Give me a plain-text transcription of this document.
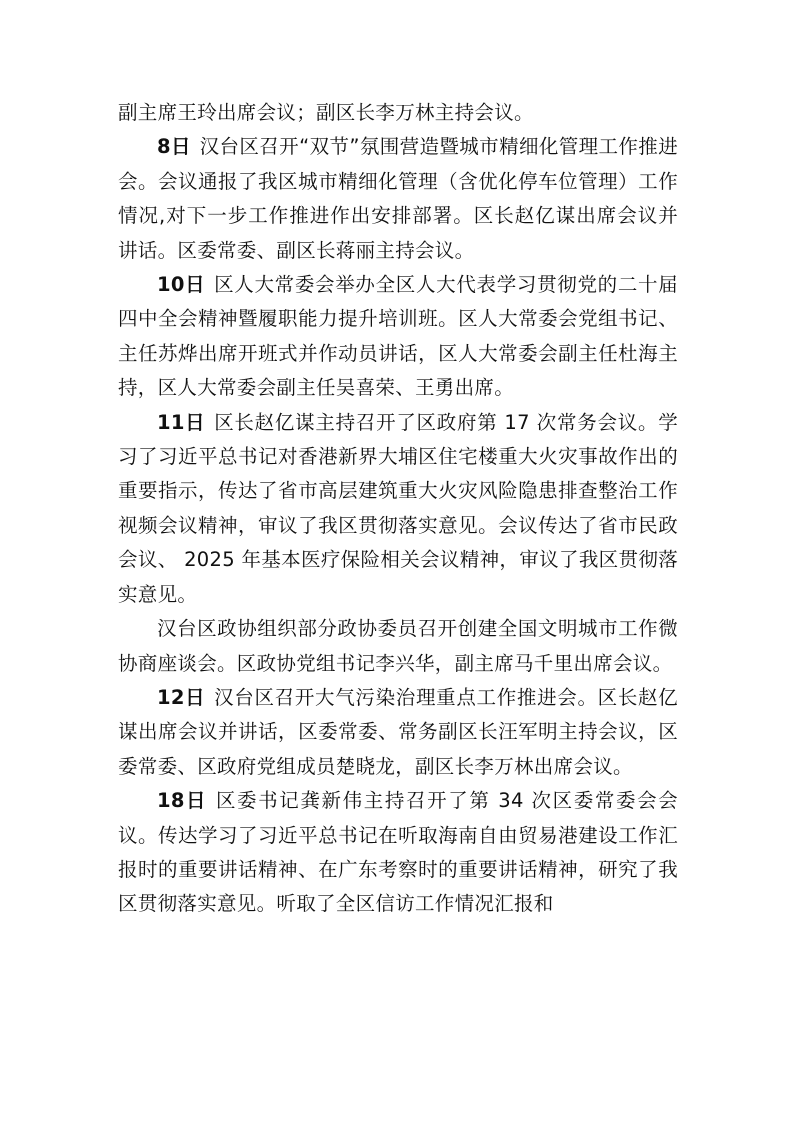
副主席王玲出席会议；副区长李万林主持会议。

8日 汉台区召开“双节”氛围营造暨城市精细化管理工作推进会。会议通报了我区城市精细化管理（含优化停车位管理）工作情况,对下一步工作推进作出安排部署。区长赵亿谋出席会议并讲话。区委常委、副区长蒋丽主持会议。

10日 区人大常委会举办全区人大代表学习贯彻党的二十届四中全会精神暨履职能力提升培训班。区人大常委会党组书记、主任苏烨出席开班式并作动员讲话，区人大常委会副主任杜海主持，区人大常委会副主任吴喜荣、王勇出席。

11日 区长赵亿谋主持召开了区政府第 17 次常务会议。学习了习近平总书记对香港新界大埔区住宅楼重大火灾事故作出的重要指示，传达了省市高层建筑重大火灾风险隐患排查整治工作视频会议精神，审议了我区贯彻落实意见。会议传达了省市民政会议、 2025 年基本医疗保险相关会议精神，审议了我区贯彻落实意见。

汉台区政协组织部分政协委员召开创建全国文明城市工作微协商座谈会。区政协党组书记李兴华，副主席马千里出席会议。

12日 汉台区召开大气污染治理重点工作推进会。区长赵亿谋出席会议并讲话，区委常委、常务副区长汪军明主持会议，区委常委、区政府党组成员楚晓龙，副区长李万林出席会议。

18日 区委书记龚新伟主持召开了第 34 次区委常委会会议。传达学习了习近平总书记在听取海南自由贸易港建设工作汇报时的重要讲话精神、在广东考察时的重要讲话精神，研究了我区贯彻落实意见。听取了全区信访工作情况汇报和
